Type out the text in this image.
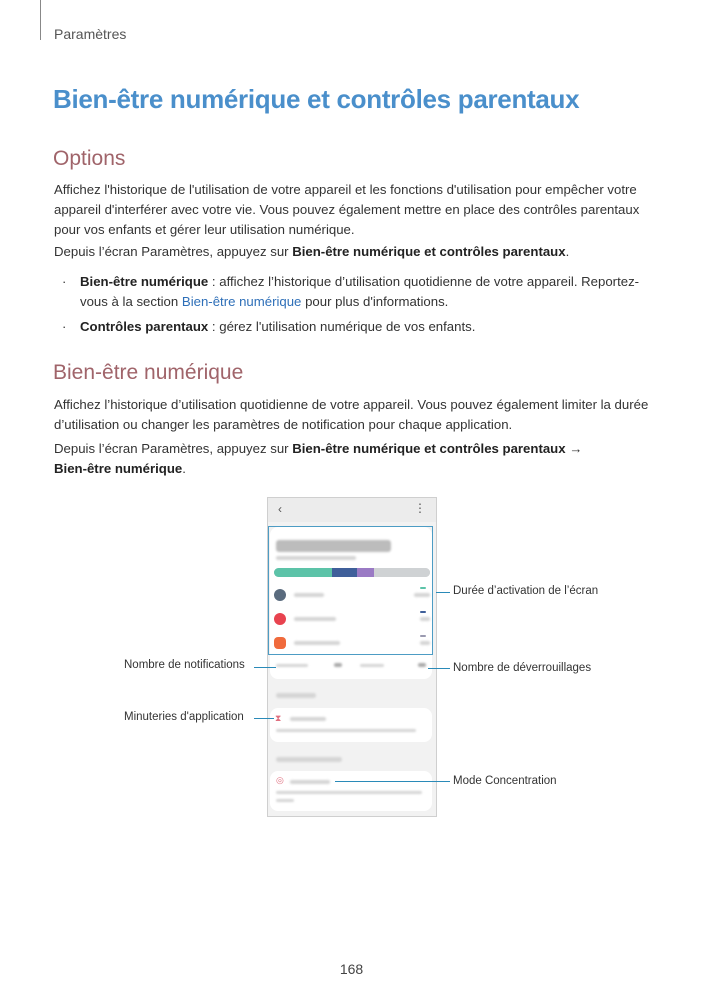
Paramètres
Bien-être numérique et contrôles parentaux
Options

Affichez l'historique de l'utilisation de votre appareil et les fonctions d'utilisation pour empêcher votre appareil d'interférer avec votre vie. Vous pouvez également mettre en place des contrôles parentaux pour vos enfants et gérer leur utilisation numérique.

Depuis l’écran Paramètres, appuyez sur Bien-être numérique et contrôles parentaux.

· Bien-être numérique : affichez l’historique d’utilisation quotidienne de votre appareil. Reportez-vous à la section Bien-être numérique pour plus d'informations.
· Contrôles parentaux : gérez l'utilisation numérique de vos enfants.
Bien-être numérique

Affichez l’historique d’utilisation quotidienne de votre appareil. Vous pouvez également limiter la durée d’utilisation ou changer les paramètres de notification pour chaque application.

Depuis l’écran Paramètres, appuyez sur Bien-être numérique et contrôles parentaux →
Bien-être numérique.

‹	⋮
⧗
◎
Durée d’activation de l’écran
Nombre de notifications	Nombre de déverrouillages
Minuteries d'application
Mode Concentration
168
